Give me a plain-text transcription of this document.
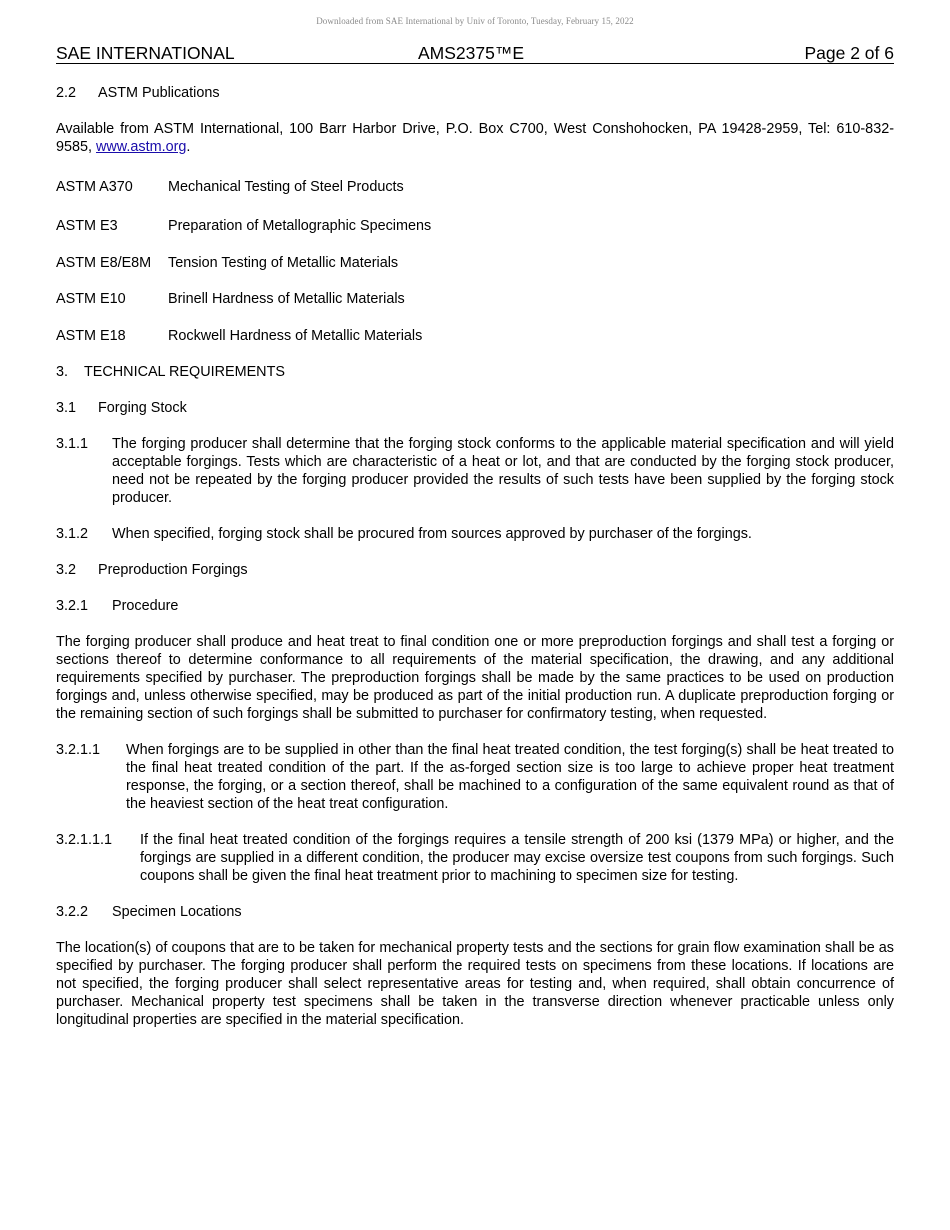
Downloaded from SAE International by Univ of Toronto, Tuesday, February 15, 2022
SAE INTERNATIONAL	AMS2375™E	Page 2 of 6

2.2 ASTM Publications

Available from ASTM International, 100 Barr Harbor Drive, P.O. Box C700, West Conshohocken, PA 19428-2959, Tel: 610-832-9585, www.astm.org.

ASTM A370	Mechanical Testing of Steel Products
ASTM E3	Preparation of Metallographic Specimens
ASTM E8/E8M	Tension Testing of Metallic Materials
ASTM E10	Brinell Hardness of Metallic Materials
ASTM E18	Rockwell Hardness of Metallic Materials

3. TECHNICAL REQUIREMENTS

3.1 Forging Stock

3.1.1	The forging producer shall determine that the forging stock conforms to the applicable material specification and will yield acceptable forgings. Tests which are characteristic of a heat or lot, and that are conducted by the forging stock producer, need not be repeated by the forging producer provided the results of such tests have been supplied by the forging stock producer.
3.1.2	When specified, forging stock shall be procured from sources approved by purchaser of the forgings.

3.2 Preproduction Forgings

3.2.1 Procedure

The forging producer shall produce and heat treat to final condition one or more preproduction forgings and shall test a forging or sections thereof to determine conformance to all requirements of the material specification, the drawing, and any additional requirements specified by purchaser. The preproduction forgings shall be made by the same practices to be used on production forgings and, unless otherwise specified, may be produced as part of the initial production run. A duplicate preproduction forging or the remaining section of such forgings shall be submitted to purchaser for confirmatory testing, when requested.

3.2.1.1	When forgings are to be supplied in other than the final heat treated condition, the test forging(s) shall be heat treated to the final heat treated condition of the part. If the as-forged section size is too large to achieve proper heat treatment response, the forging, or a section thereof, shall be machined to a configuration of the same equivalent round as that of the heaviest section of the heat treat configuration.
3.2.1.1.1	If the final heat treated condition of the forgings requires a tensile strength of 200 ksi (1379 MPa) or higher, and the forgings are supplied in a different condition, the producer may excise oversize test coupons from such forgings. Such coupons shall be given the final heat treatment prior to machining to specimen size for testing.

3.2.2 Specimen Locations

The location(s) of coupons that are to be taken for mechanical property tests and the sections for grain flow examination shall be as specified by purchaser. The forging producer shall perform the required tests on specimens from these locations. If locations are not specified, the forging producer shall select representative areas for testing and, when required, shall obtain concurrence of purchaser. Mechanical property test specimens shall be taken in the transverse direction whenever practicable unless only longitudinal properties are specified in the material specification.
